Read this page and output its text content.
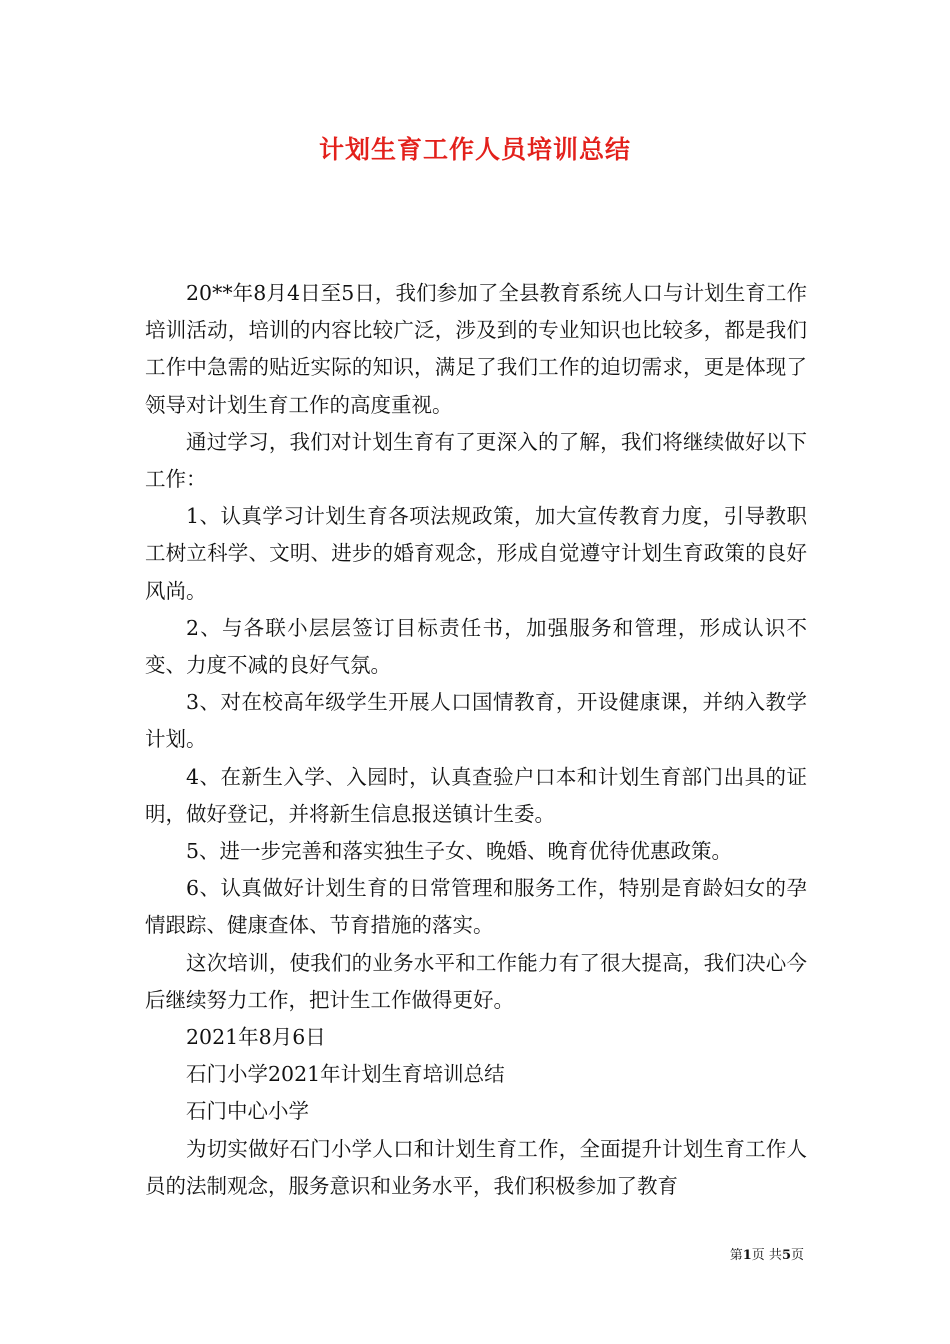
计划生育工作人员培训总结

20**年8月4日至5日，我们参加了全县教育系统人口与计划生育工作培训活动，培训的内容比较广泛，涉及到的专业知识也比较多，都是我们工作中急需的贴近实际的知识，满足了我们工作的迫切需求，更是体现了领导对计划生育工作的高度重视。

通过学习，我们对计划生育有了更深入的了解，我们将继续做好以下工作：

1、认真学习计划生育各项法规政策，加大宣传教育力度，引导教职工树立科学、文明、进步的婚育观念，形成自觉遵守计划生育政策的良好风尚。

2、与各联小层层签订目标责任书，加强服务和管理，形成认识不变、力度不减的良好气氛。

3、对在校高年级学生开展人口国情教育，开设健康课，并纳入教学计划。

4、在新生入学、入园时，认真查验户口本和计划生育部门出具的证明，做好登记，并将新生信息报送镇计生委。

5、进一步完善和落实独生子女、晚婚、晚育优待优惠政策。

6、认真做好计划生育的日常管理和服务工作，特别是育龄妇女的孕情跟踪、健康查体、节育措施的落实。

这次培训，使我们的业务水平和工作能力有了很大提高，我们决心今后继续努力工作，把计生工作做得更好。

2021年8月6日

石门小学2021年计划生育培训总结

石门中心小学

为切实做好石门小学人口和计划生育工作，全面提升计划生育工作人员的法制观念，服务意识和业务水平，我们积极参加了教育

第1页 共5页
